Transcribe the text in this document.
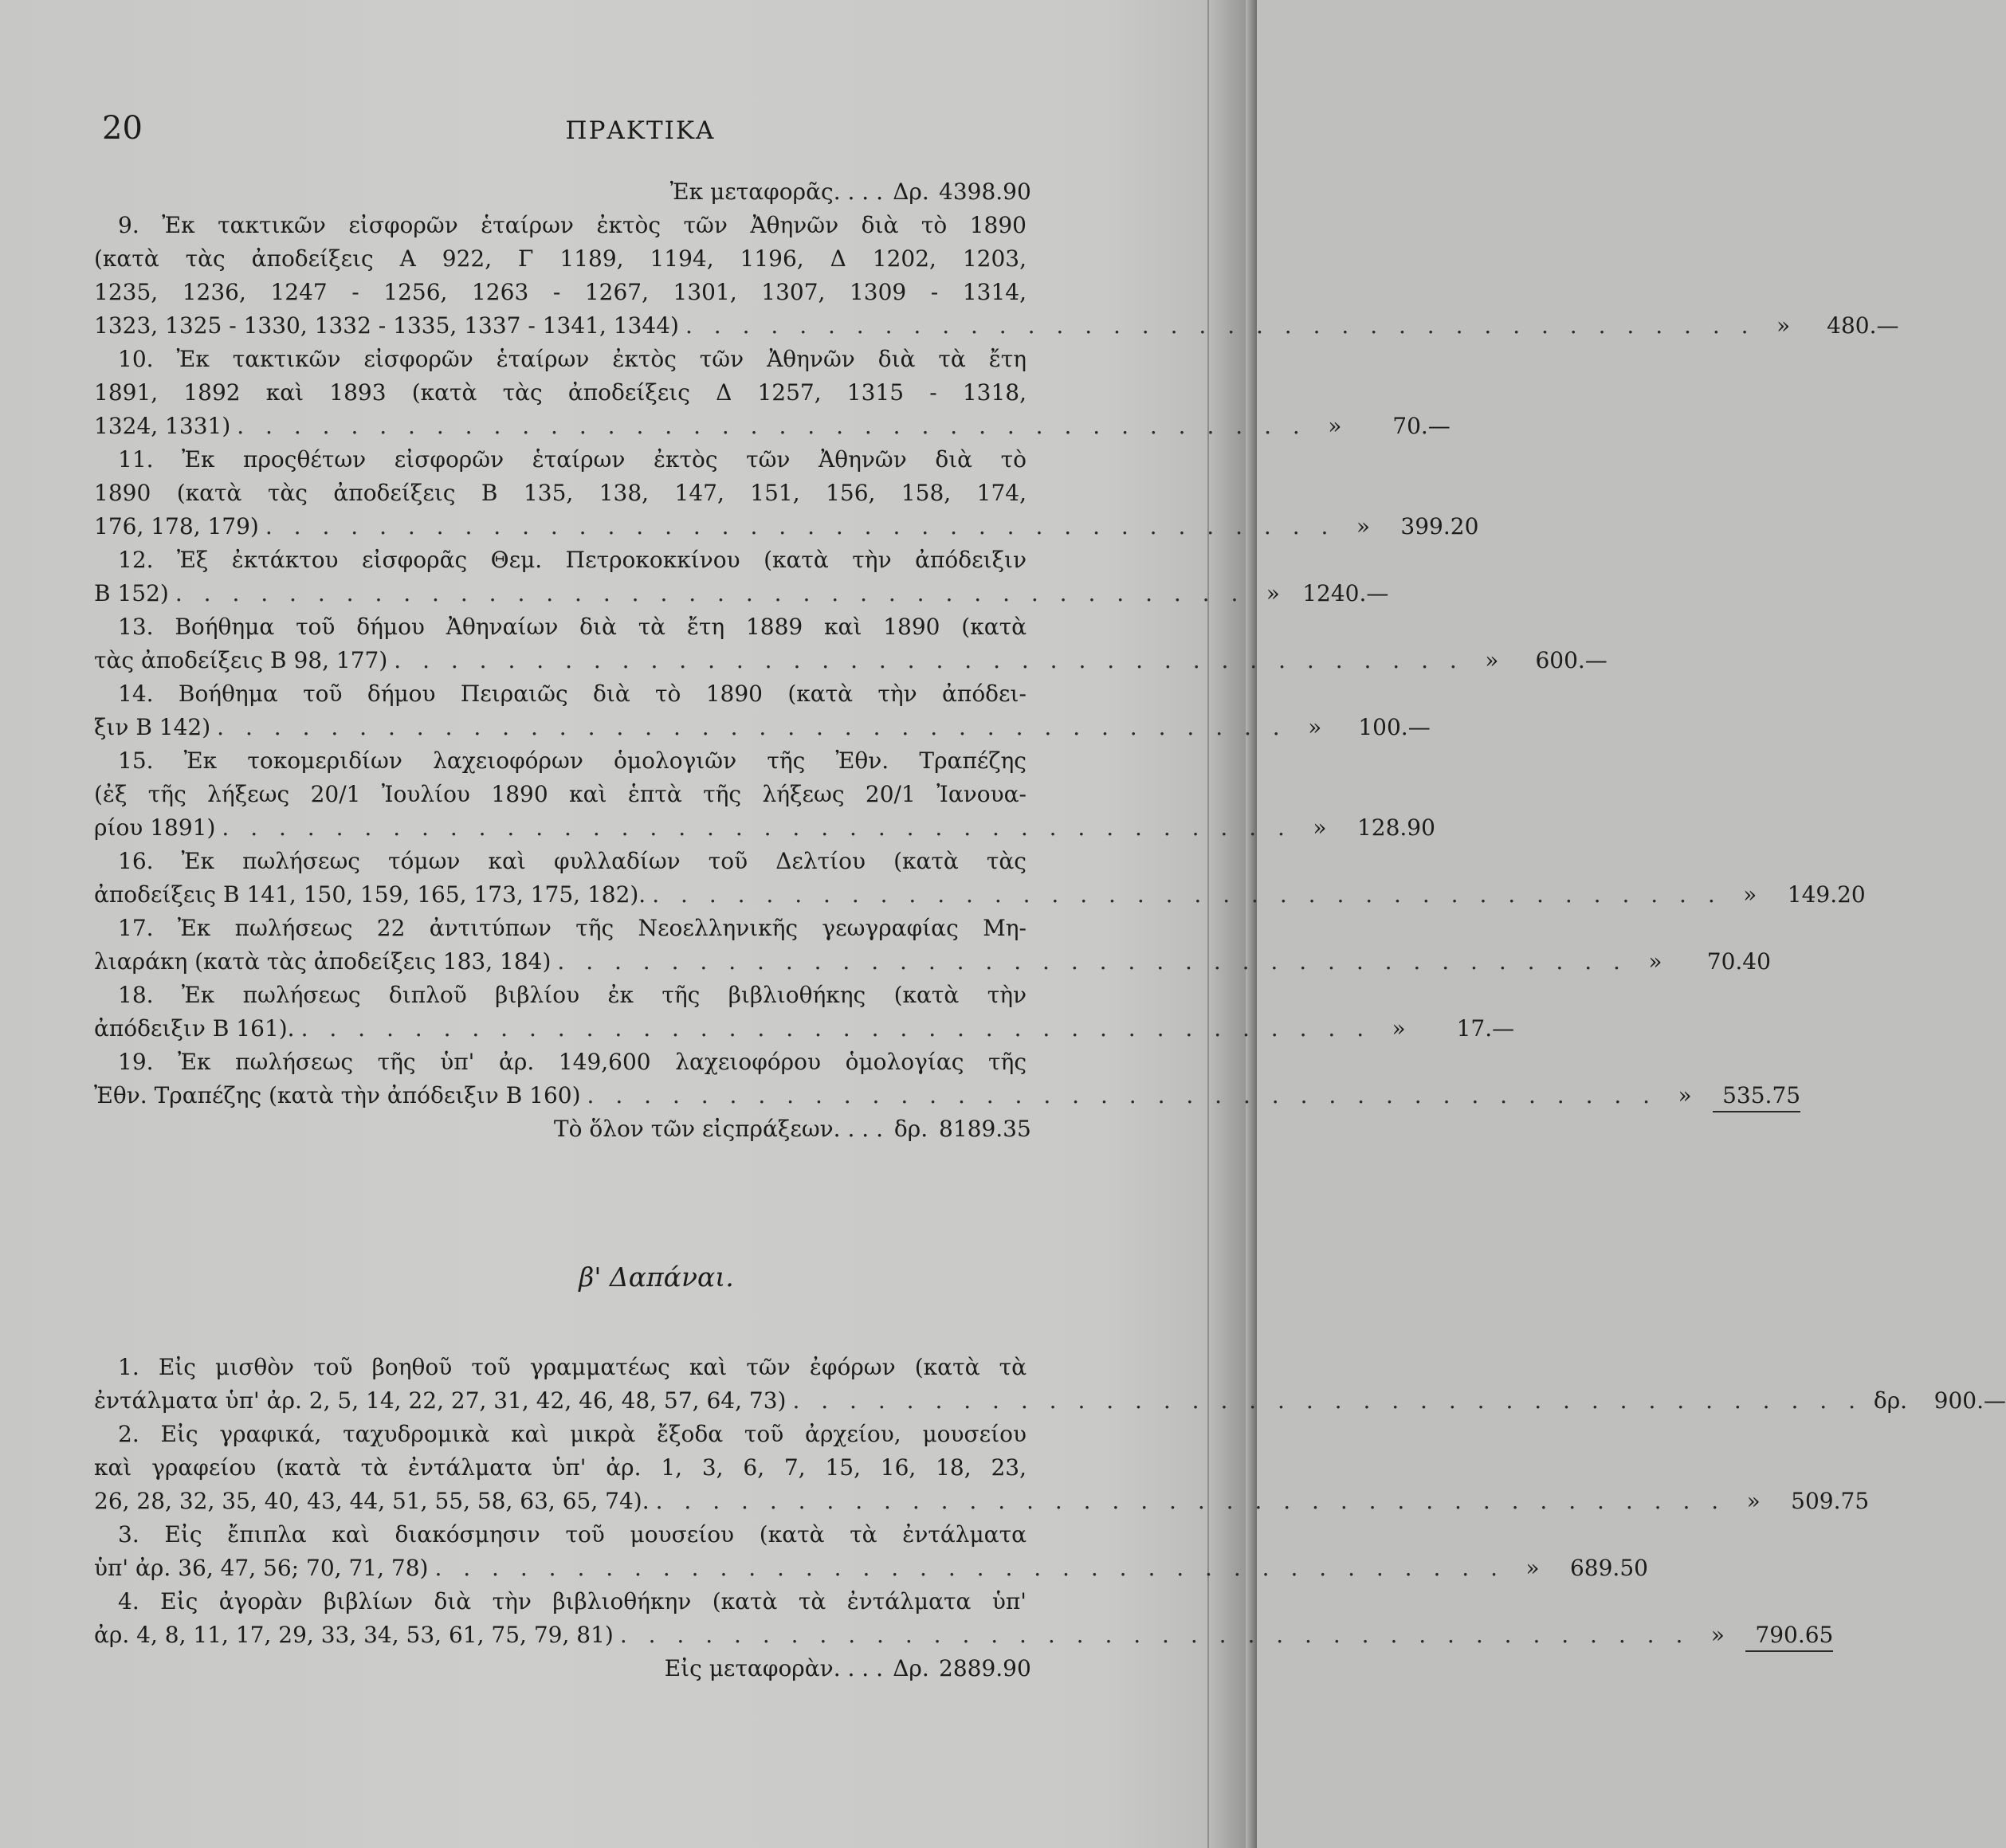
20	ΠΡΑΚΤΙΚΑ
Ἐκ μεταφορᾶς. . . . Δρ. 4398.90
9. Ἐκ τακτικῶν εἰσφορῶν ἑταίρων ἐκτὸς τῶν Ἀθηνῶν διὰ τὸ 1890
(κατὰ τὰς ἀποδείξεις Α 922, Γ 1189, 1194, 1196, Δ 1202, 1203,
1235, 1236, 1247 - 1256, 1263 - 1267, 1301, 1307, 1309 - 1314,
1323, 1325 - 1330, 1332 - 1335, 1337 - 1341, 1344) . . . . . . . . . . . . . . . . . . . . . . . . . . . . . . . . . . . . . . »	480.—
10. Ἐκ τακτικῶν εἰσφορῶν ἑταίρων ἐκτὸς τῶν Ἀθηνῶν διὰ τὰ ἔτη
1891, 1892 καὶ 1893 (κατὰ τὰς ἀποδείξεις Δ 1257, 1315 - 1318,
1324, 1331) . . . . . . . . . . . . . . . . . . . . . . . . . . . . . . . . . . . . . . »	70.—
11. Ἐκ προςθέτων εἰσφορῶν ἑταίρων ἐκτὸς τῶν Ἀθηνῶν διὰ τὸ
1890 (κατὰ τὰς ἀποδείξεις Β 135, 138, 147, 151, 156, 158, 174,
176, 178, 179) . . . . . . . . . . . . . . . . . . . . . . . . . . . . . . . . . . . . . . »	399.20
12. Ἐξ ἐκτάκτου εἰσφορᾶς Θεμ. Πετροκοκκίνου (κατὰ τὴν ἀπόδειξιν
Β 152) . . . . . . . . . . . . . . . . . . . . . . . . . . . . . . . . . . . . . . »	1240.—
13. Βοήθημα τοῦ δήμου Ἀθηναίων διὰ τὰ ἔτη 1889 καὶ 1890 (κατὰ
τὰς ἀποδείξεις Β 98, 177) . . . . . . . . . . . . . . . . . . . . . . . . . . . . . . . . . . . . . . »	600.—
14. Βοήθημα τοῦ δήμου Πειραιῶς διὰ τὸ 1890 (κατὰ τὴν ἀπόδει-
ξιν Β 142) . . . . . . . . . . . . . . . . . . . . . . . . . . . . . . . . . . . . . . »	100.—
15. Ἐκ τοκομεριδίων λαχειοφόρων ὁμολογιῶν τῆς Ἐθν. Τραπέζης
(ἐξ τῆς λήξεως 20/1 Ἰουλίου 1890 καὶ ἑπτὰ τῆς λήξεως 20/1 Ἰανουα-
ρίου 1891) . . . . . . . . . . . . . . . . . . . . . . . . . . . . . . . . . . . . . . »	128.90
16. Ἐκ πωλήσεως τόμων καὶ φυλλαδίων τοῦ Δελτίου (κατὰ τὰς
ἀποδείξεις Β 141, 150, 159, 165, 173, 175, 182). . . . . . . . . . . . . . . . . . . . . . . . . . . . . . . . . . . . . . . »	149.20
17. Ἐκ πωλήσεως 22 ἀντιτύπων τῆς Νεοελληνικῆς γεωγραφίας Μη-
λιαράκη (κατὰ τὰς ἀποδείξεις 183, 184) . . . . . . . . . . . . . . . . . . . . . . . . . . . . . . . . . . . . . . »	70.40
18. Ἐκ πωλήσεως διπλοῦ βιβλίου ἐκ τῆς βιβλιοθήκης (κατὰ τὴν
ἀπόδειξιν Β 161). . . . . . . . . . . . . . . . . . . . . . . . . . . . . . . . . . . . . . . »	17.—
19. Ἐκ πωλήσεως τῆς ὑπ' ἀρ. 149,600 λαχειοφόρου ὁμολογίας τῆς
Ἐθν. Τραπέζης (κατὰ τὴν ἀπόδειξιν Β 160) . . . . . . . . . . . . . . . . . . . . . . . . . . . . . . . . . . . . . . »	535.75
Τὸ ὅλον τῶν εἰςπράξεων. . . . δρ. 8189.35
β' Δαπάναι.
1. Εἰς μισθὸν τοῦ βοηθοῦ τοῦ γραμματέως καὶ τῶν ἐφόρων (κατὰ τὰ
ἐντάλματα ὑπ' ἀρ. 2, 5, 14, 22, 27, 31, 42, 46, 48, 57, 64, 73) . . . . . . . . . . . . . . . . . . . . . . . . . . . . . . . . . . . . . . δρ.	900.—
2. Εἰς γραφικά, ταχυδρομικὰ καὶ μικρὰ ἔξοδα τοῦ ἀρχείου, μουσείου
καὶ γραφείου (κατὰ τὰ ἐντάλματα ὑπ' ἀρ. 1, 3, 6, 7, 15, 16, 18, 23,
26, 28, 32, 35, 40, 43, 44, 51, 55, 58, 63, 65, 74). . . . . . . . . . . . . . . . . . . . . . . . . . . . . . . . . . . . . . . »	509.75
3. Εἰς ἔπιπλα καὶ διακόσμησιν τοῦ μουσείου (κατὰ τὰ ἐντάλματα
ὑπ' ἀρ. 36, 47, 56; 70, 71, 78) . . . . . . . . . . . . . . . . . . . . . . . . . . . . . . . . . . . . . . »	689.50
4. Εἰς ἀγορὰν βιβλίων διὰ τὴν βιβλιοθήκην (κατὰ τὰ ἐντάλματα ὑπ'
ἀρ. 4, 8, 11, 17, 29, 33, 34, 53, 61, 75, 79, 81) . . . . . . . . . . . . . . . . . . . . . . . . . . . . . . . . . . . . . . »	790.65
Εἰς μεταφορὰν. . . . Δρ. 2889.90
